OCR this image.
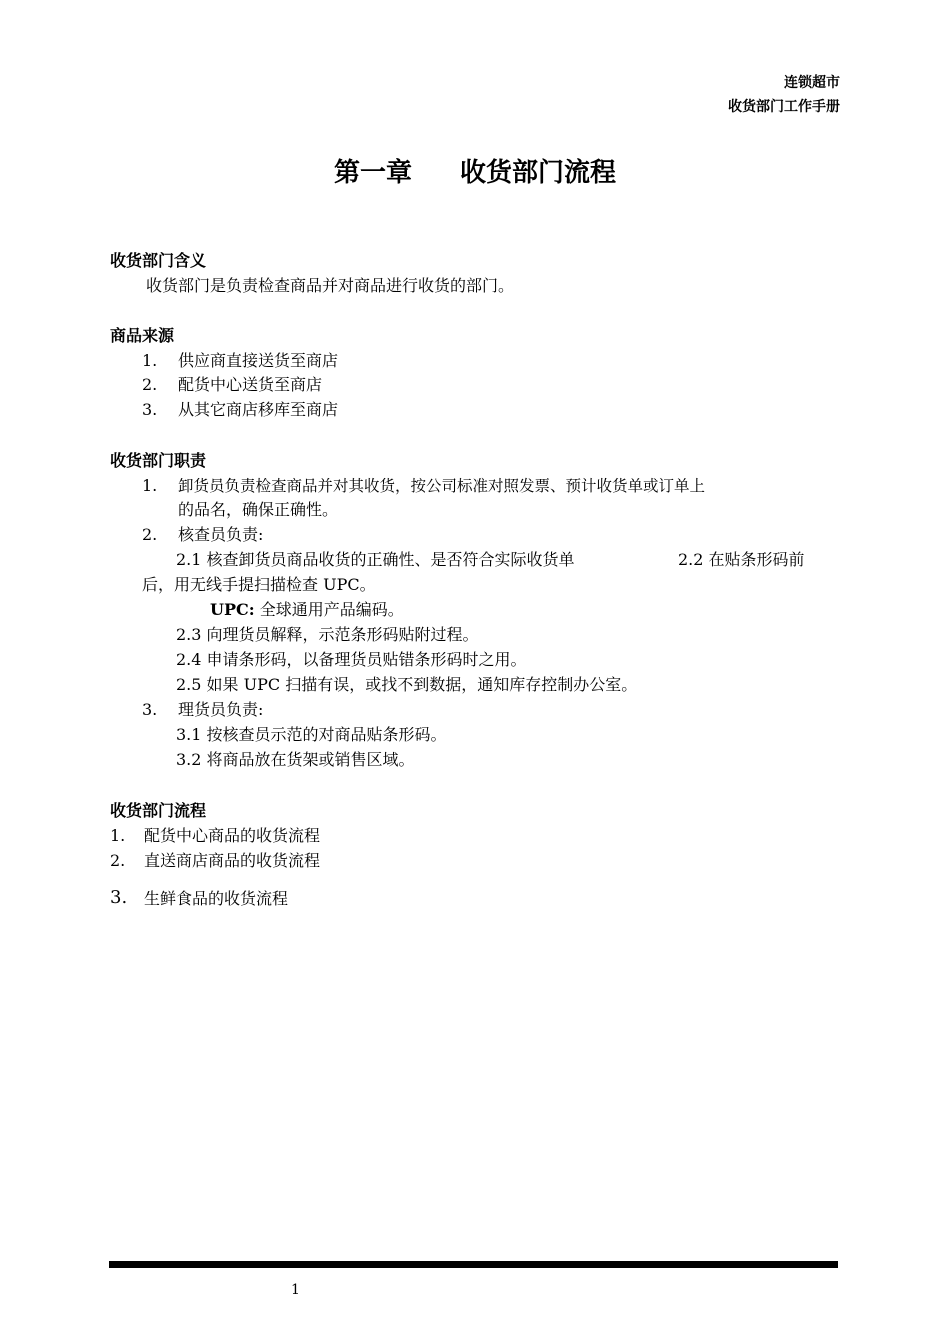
连锁超市
收货部门工作手册
第一章 收货部门流程
收货部门含义
收货部门是负责检查商品并对商品进行收货的部门。
商品来源
1. 供应商直接送货至商店
2. 配货中心送货至商店
3. 从其它商店移库至商店
收货部门职责
1. 卸货员负责检查商品并对其收货，按公司标准对照发票、预计收货单或订单上
的品名，确保正确性。
2. 核查员负责:
2.1 核查卸货员商品收货的正确性、是否符合实际收货单	2.2 在贴条形码前
后，用无线手提扫描检查 UPC。
UPC: 全球通用产品编码。
2.3 向理货员解释，示范条形码贴附过程。
2.4 申请条形码，以备理货员贴错条形码时之用。
2.5 如果 UPC 扫描有误，或找不到数据，通知库存控制办公室。
3. 理货员负责:
3.1 按核查员示范的对商品贴条形码。
3.2 将商品放在货架或销售区域。
收货部门流程
1. 配货中心商品的收货流程
2. 直送商店商品的收货流程
3. 生鲜食品的收货流程
1
